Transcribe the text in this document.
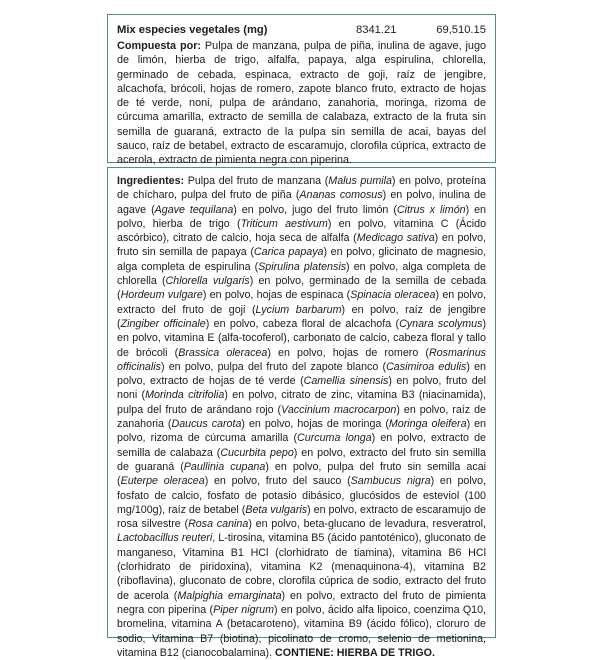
Mix especies vegetales (mg)	8341.21	69,510.15

Compuesta por: Pulpa de manzana, pulpa de piña, inulina de agave, jugo de limón, hierba de trigo, alfalfa, papaya, alga espirulina, chlorella, germinado de cebada, espinaca, extracto de goji, raíz de jengibre, alcachofa, brócoli, hojas de romero, zapote blanco fruto, extracto de hojas de té verde, noni, pulpa de arándano, zanahoria, moringa, rizoma de cúrcuma amarilla, extracto de semilla de calabaza, extracto de la fruta sin semilla de guaraná, extracto de la pulpa sin semilla de acai, bayas del sauco, raíz de betabel, extracto de escaramujo, clorofila cúprica, extracto de acerola, extracto de pimienta negra con piperina.

Ingredientes: Pulpa del fruto de manzana (Malus pumila) en polvo, proteína de chícharo, pulpa del fruto de piña (Ananas comosus) en polvo, inulina de agave (Agave tequilana) en polvo, jugo del fruto limón (Citrus x limón) en polvo, hierba de trigo (Triticum aestivum) en polvo, vitamina C (Ácido ascórbico), citrato de calcio, hoja seca de alfalfa (Medicago sativa) en polvo, fruto sin semilla de papaya (Carica papaya) en polvo, glicinato de magnesio, alga completa de espirulina (Spirulina platensis) en polvo, alga completa de chlorella (Chlorella vulgaris) en polvo, germinado de la semilla de cebada (Hordeum vulgare) en polvo, hojas de espinaca (Spinacia oleracea) en polvo, extracto del fruto de goji (Lycium barbarum) en polvo, raíz de jengibre (Zingiber officinale) en polvo, cabeza floral de alcachofa (Cynara scolymus) en polvo, vitamina E (alfa-tocoferol), carbonato de calcio, cabeza floral y tallo de brócoli (Brassica oleracea) en polvo, hojas de romero (Rosmarinus officinalis) en polvo, pulpa del fruto del zapote blanco (Casimiroa edulis) en polvo, extracto de hojas de té verde (Camellia sinensis) en polvo, fruto del noni (Morinda citrifolia) en polvo, citrato de zinc, vitamina B3 (niacinamida), pulpa del fruto de arándano rojo (Vaccinium macrocarpon) en polvo, raíz de zanahoria (Daucus carota) en polvo, hojas de moringa (Moringa oleifera) en polvo, rizoma de cúrcuma amarilla (Curcuma longa) en polvo, extracto de semilla de calabaza (Cucurbita pepo) en polvo, extracto del fruto sin semilla de guaraná (Paullinia cupana) en polvo, pulpa del fruto sin semilla acai (Euterpe oleracea) en polvo, fruto del sauco (Sambucus nigra) en polvo, fosfato de calcio, fosfato de potasio dibásico, glucósidos de esteviol (100 mg/100g), raíz de betabel (Beta vulgaris) en polvo, extracto de escaramujo de rosa silvestre (Rosa canina) en polvo, beta-glucano de levadura, resveratrol, Lactobacillus reuteri, L-tirosina, vitamina B5 (ácido pantoténico), gluconato de manganeso, Vitamina B1 HCl (clorhidrato de tiamina), vitamina B6 HCl (clorhidrato de piridoxina), vitamina K2 (menaquinona-4), vitamina B2 (riboflavina), gluconato de cobre, clorofila cúprica de sodio, extracto del fruto de acerola (Malpighia emarginata) en polvo, extracto del fruto de pimienta negra con piperina (Piper nigrum) en polvo, ácido alfa lipoico, coenzima Q10, bromelina, vitamina A (betacaroteno), vitamina B9 (ácido fólico), cloruro de sodio, Vitamina B7 (biotina), picolinato de cromo, selenio de metionina, vitamina B12 (cianocobalamina). CONTIENE: HIERBA DE TRIGO.
